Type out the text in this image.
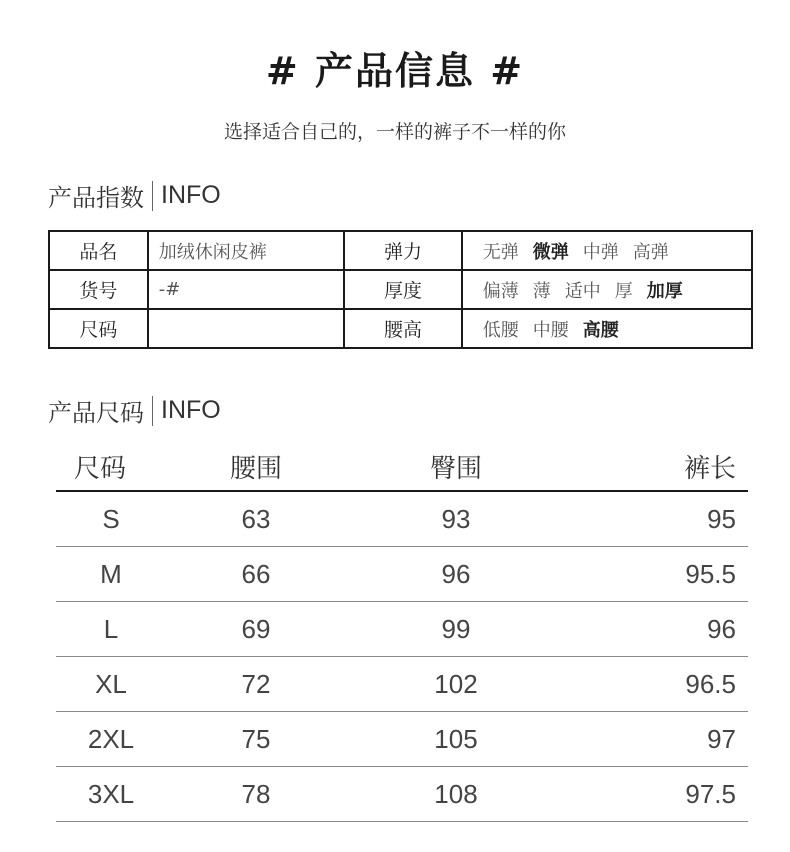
# 产品信息 #
选择适合自己的，一样的裤子不一样的你
产品指数 INFO
品名	加绒休闲皮裤	弹力	无弹 微弹 中弹 高弹
货号	-#	厚度	偏薄 薄 适中 厚 加厚
尺码		腰高	低腰 中腰 高腰
产品尺码 INFO
尺码	腰围	臀围	裤长
S	63	93	95
M	66	96	95.5
L	69	99	96
XL	72	102	96.5
2XL	75	105	97
3XL	78	108	97.5
